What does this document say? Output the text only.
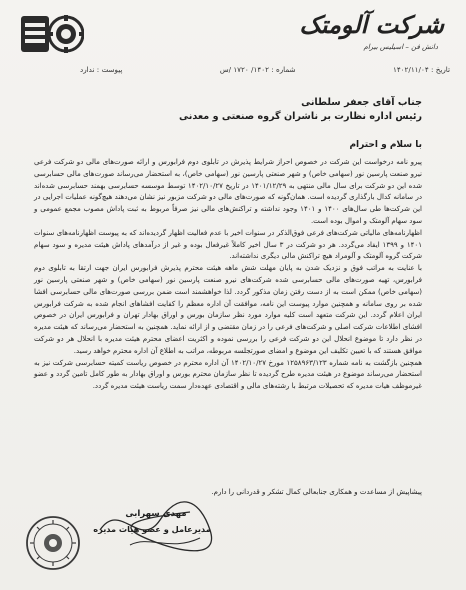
شرکت آلومتک
دانش فن – اسیلیس بیرام
تاریخ : ۱۴۰۲/۱۱/۰۴
شماره : ۱۴۰۲/ ۱۷۲۰ /س
پیوست : ندارد
جناب آقای جعفر سلطانی
رئیس اداره نظارت بر ناشران گروه صنعتی و معدنی
با سلام و احترام

پیرو نامه درخواست این شرکت در خصوص احراز شرایط پذیرش در تابلوی دوم فرابورس و ارائه صورت‌های مالی دو شرکت فرعی نیرو صنعت پارسین نور (سهامی خاص) و شهر صنعتی پارسین نور (سهامی خاص)، به استحضار می‌رساند صورت‌های مالی حسابرسی شده این دو شرکت برای سال مالی منتهی به ۱۴۰۱/۱۲/۲۹ در تاریخ ۱۴۰۲/۱۰/۲۷ توسط موسسه حسابرسی بهمند حسابرسی شده‌اند در سامانه کدال بارگذاری گردیده است. همان‌گونه که صورت‌های مالی دو شرکت مزبور نیز نشان می‌دهند هیچ‌گونه عملیات اجرایی در این شرکت‌ها طی سال‌های ۱۴۰۰ و ۱۴۰۱ وجود نداشته و تراکنش‌های مالی نیز صرفاً مربوط به ثبت پاداش مصوب مجمع عمومی و سود سهام آلومتک و اموال بوده است.

اظهارنامه‌های مالیاتی شرکت‌های فرعی فوق‌الذکر در سنوات اخیر با عدم فعالیت اظهار گردیده‌اند که به پیوست اظهارنامه‌های سنوات ۱۴۰۱ و ۱۳۹۹ ایفاد می‌گردد. هر دو شرکت در ۳ سال اخیر کاملاً غیرفعال بوده و غیر از درآمدهای پاداش هیئت مدیره و سود سهام شرکت گروه آلومتک و آلومراد هیچ تراکنش مالی دیگری نداشته‌اند.

با عنایت به مراتب فوق و نزدیک شدن به پایان مهلت شش ماهه هیئت محترم پذیرش فرابورس ایران جهت ارتقا به تابلوی دوم فرابورس، تهیه صورت‌های مالی حسابرسی شده شرکت‌های نیرو صنعت پارسین نور (سهامی خاص) و شهر صنعتی پارسین نور (سهامی خاص) ممکن است به از دست رفتن زمان مذکور گردد. لذا خواهشمند است ضمن بررسی صورت‌های مالی حسابرسی افشا شده بر روی سامانه و همچنین موارد پیوست این نامه، موافقت آن اداره معظم را کفایت افشاهای انجام شده به شرکت فرابورس ایران اعلام گردد. این شرکت متعهد است کلیه موارد مورد نظر سازمان بورس و اوراق بهادار تهران و فرابورس ایران در خصوص افشای اطلاعات شرکت اصلی و شرکت‌های فرعی را در زمان مقتضی و از ارائه نماید. همچنین به استحضار می‌رساند که هیئت مدیره در نظر دارد تا موضوع انحلال این دو شرکت فرعی را بررسی نموده و اکثریت اعضای محترم هیئت مدیره با انحلال هر دو شرکت موافق هستند که با تعیین تکلیف این موضوع و امضای صورتجلسه مربوطه، مراتب به اطلاع آن اداره محترم خواهد رسید.

همچنین بازگشت به نامه شماره ۱۲۵۸۹۶۳/۱۲۳ مورخ ۱۴۰۲/۱۰/۲۷ آن اداره محترم در خصوص ریاست کمیته حسابرسی شرکت نیز به استحضار می‌رساند موضوع در هیئت مدیره طرح گردیده تا نظر سازمان محترم بورس و اوراق بهادار به طور کامل تامین گردد و عضو غیرموظف هیات مدیره که تحصیلات مرتبط با رشته‌های مالی و اقتصادی عهده‌دار سمت ریاست هیئت مدیره گردد.

پیشاپیش از مساعدت و همکاری جنابعالی کمال تشکر و قدردانی را دارم.
مهدی سهرابی
مدیرعامل و عضو هیات مدیره
